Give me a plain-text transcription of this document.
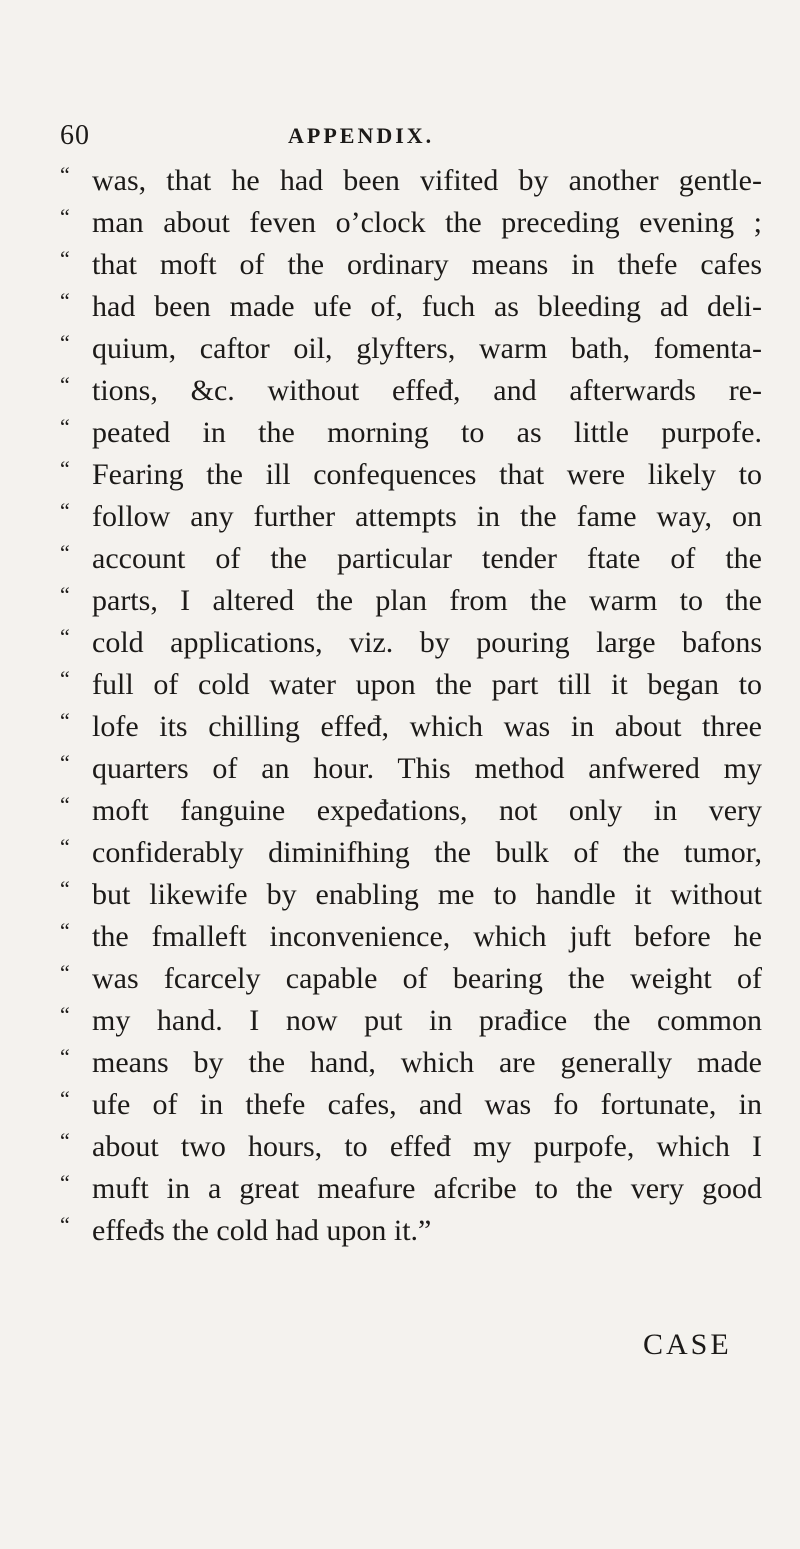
60	APPENDIX.
“ was, that he had been vifited by another gentle-
“ man about feven o’clock the preceding evening ;
“ that moft of the ordinary means in thefe cafes
“ had been made ufe of, fuch as bleeding ad deli-
“ quium, caftor oil, glyfters, warm bath, fomenta-
“ tions, &c. without effeđ, and afterwards re-
“ peated in the morning to as little purpofe.
“ Fearing the ill confequences that were likely to
“ follow any further attempts in the fame way, on
“ account of the particular tender ftate of the
“ parts, I altered the plan from the warm to the
“ cold applications, viz. by pouring large bafons
“ full of cold water upon the part till it began to
“ lofe its chilling effeđ, which was in about three
“ quarters of an hour. This method anfwered my
“ moft fanguine expeđations, not only in very
“ confiderably diminifhing the bulk of the tumor,
“ but likewife by enabling me to handle it without
“ the fmalleft inconvenience, which juft before he
“ was fcarcely capable of bearing the weight of
“ my hand. I now put in prađice the common
“ means by the hand, which are generally made
“ ufe of in thefe cafes, and was fo fortunate, in
“ about two hours, to effeđ my purpofe, which I
“ muft in a great meafure afcribe to the very good
“ effeđs the cold had upon it.”
CASE
